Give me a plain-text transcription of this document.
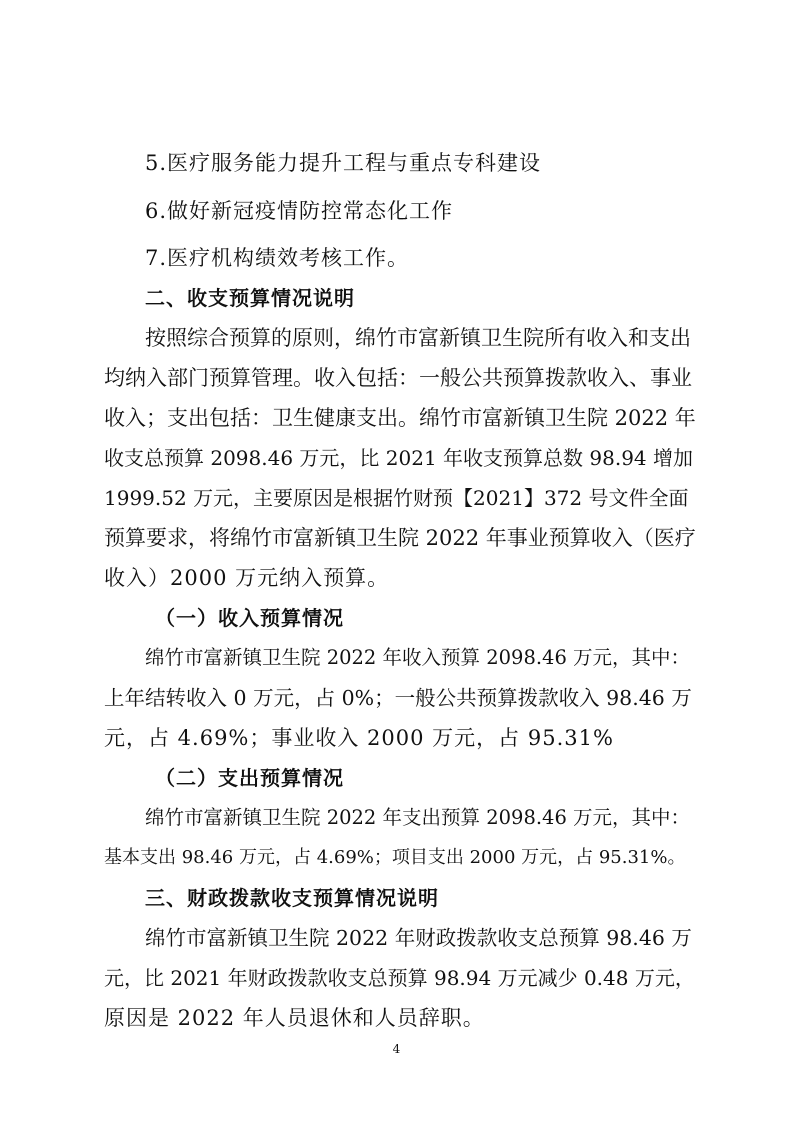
5.医疗服务能力提升工程与重点专科建设
6.做好新冠疫情防控常态化工作
7.医疗机构绩效考核工作。
二、收支预算情况说明
按照综合预算的原则，绵竹市富新镇卫生院所有收入和支出
均纳入部门预算管理。收入包括：一般公共预算拨款收入、事业
收入；支出包括：卫生健康支出。绵竹市富新镇卫生院 2022 年
收支总预算 2098.46 万元，比 2021 年收支预算总数 98.94 增加
1999.52 万元，主要原因是根据竹财预【2021】372 号文件全面
预算要求，将绵竹市富新镇卫生院 2022 年事业预算收入（医疗
收入）2000 万元纳入预算。
（一）收入预算情况
绵竹市富新镇卫生院 2022 年收入预算 2098.46 万元，其中：
上年结转收入 0 万元，占 0%；一般公共预算拨款收入 98.46 万
元，占 4.69%；事业收入 2000 万元，占 95.31%
（二）支出预算情况
绵竹市富新镇卫生院 2022 年支出预算 2098.46 万元，其中：
基本支出 98.46 万元，占 4.69%；项目支出 2000 万元，占 95.31%。
三、财政拨款收支预算情况说明
绵竹市富新镇卫生院 2022 年财政拨款收支总预算 98.46 万
元，比 2021 年财政拨款收支总预算 98.94 万元减少 0.48 万元，
原因是 2022 年人员退休和人员辞职。
4
